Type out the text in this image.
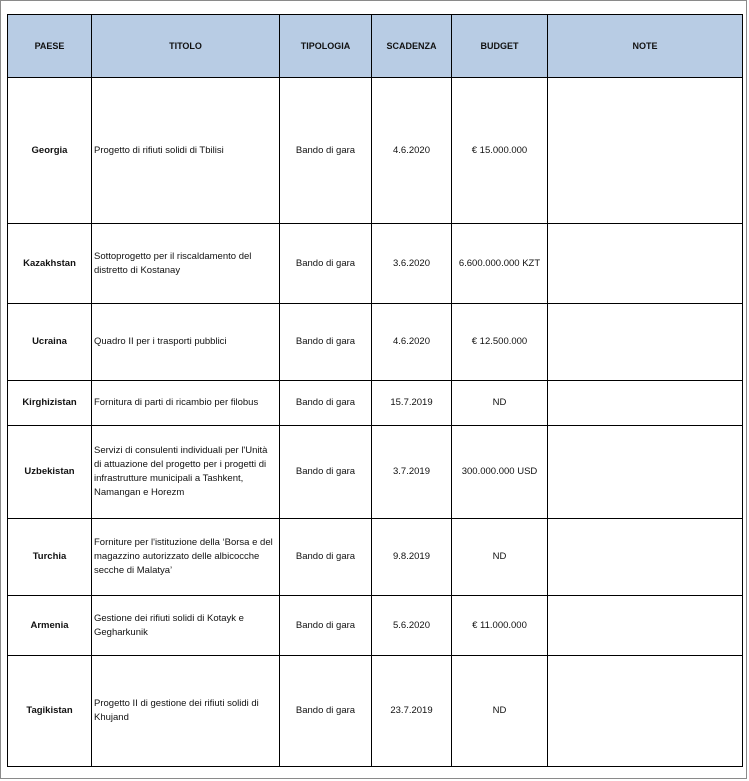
PAESE	TITOLO	TIPOLOGIA	SCADENZA	BUDGET	NOTE
Georgia	Progetto di rifiuti solidi di Tbilisi	Bando di gara	4.6.2020	€ 15.000.000	
Kazakhstan	Sottoprogetto per il riscaldamento del distretto di Kostanay	Bando di gara	3.6.2020	6.600.000.000 KZT	
Ucraina	Quadro II per i trasporti pubblici	Bando di gara	4.6.2020	€ 12.500.000	
Kirghizistan	Fornitura di parti di ricambio per filobus	Bando di gara	15.7.2019	ND	
Uzbekistan	Servizi di consulenti individuali per l'Unità di attuazione del progetto per i progetti di infrastrutture municipali a Tashkent, Namangan e Horezm	Bando di gara	3.7.2019	300.000.000 USD	
Turchia	Forniture per l'istituzione della ‘Borsa e del magazzino autorizzato delle albicocche secche di Malatya’	Bando di gara	9.8.2019	ND	
Armenia	Gestione dei rifiuti solidi di Kotayk e Gegharkunik	Bando di gara	5.6.2020	€ 11.000.000	
Tagikistan	Progetto II di gestione dei rifiuti solidi di Khujand	Bando di gara	23.7.2019	ND	
